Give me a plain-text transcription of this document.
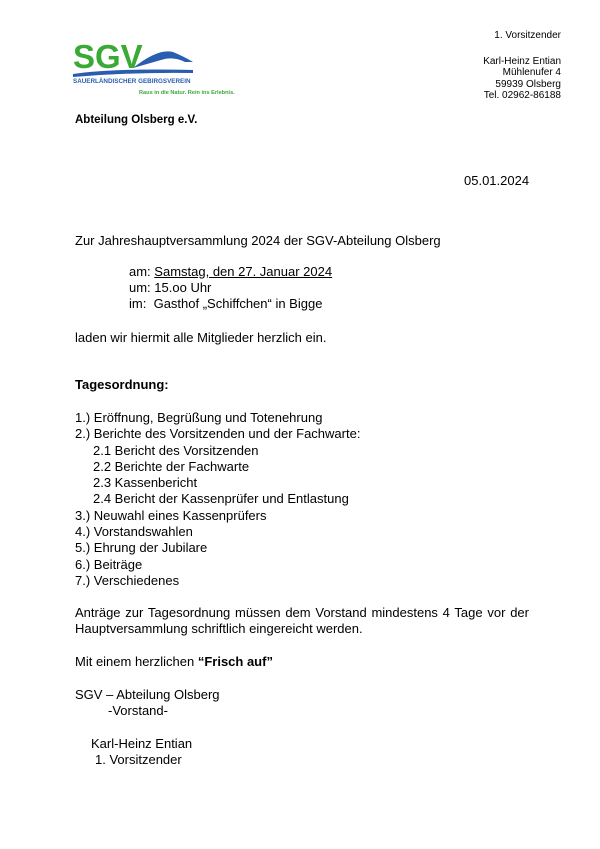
SGV
SAUERLÄNDISCHER GEBIRGSVEREIN
Raus in die Natur. Rein ins Erlebnis.
1. Vorsitzender
Karl-Heinz Entian
Mühlenufer 4
59939 Olsberg
Tel. 02962-86188
Abteilung Olsberg e.V.
05.01.2024
Zur Jahreshauptversammlung 2024 der SGV-Abteilung Olsberg
am: Samstag, den 27. Januar 2024
um: 15.oo Uhr
im: Gasthof „Schiffchen“ in Bigge
laden wir hiermit alle Mitglieder herzlich ein.
Tagesordnung:
1.) Eröffnung, Begrüßung und Totenehrung
2.) Berichte des Vorsitzenden und der Fachwarte:
2.1 Bericht des Vorsitzenden
2.2 Berichte der Fachwarte
2.3 Kassenbericht
2.4 Bericht der Kassenprüfer und Entlastung
3.) Neuwahl eines Kassenprüfers
4.) Vorstandswahlen
5.) Ehrung der Jubilare
6.) Beiträge
7.) Verschiedenes
Anträge zur Tagesordnung müssen dem Vorstand mindestens 4 Tage vor der Hauptversammlung schriftlich eingereicht werden.
Mit einem herzlichen “Frisch auf”
SGV – Abteilung Olsberg
-Vorstand-
Karl-Heinz Entian
1. Vorsitzender
